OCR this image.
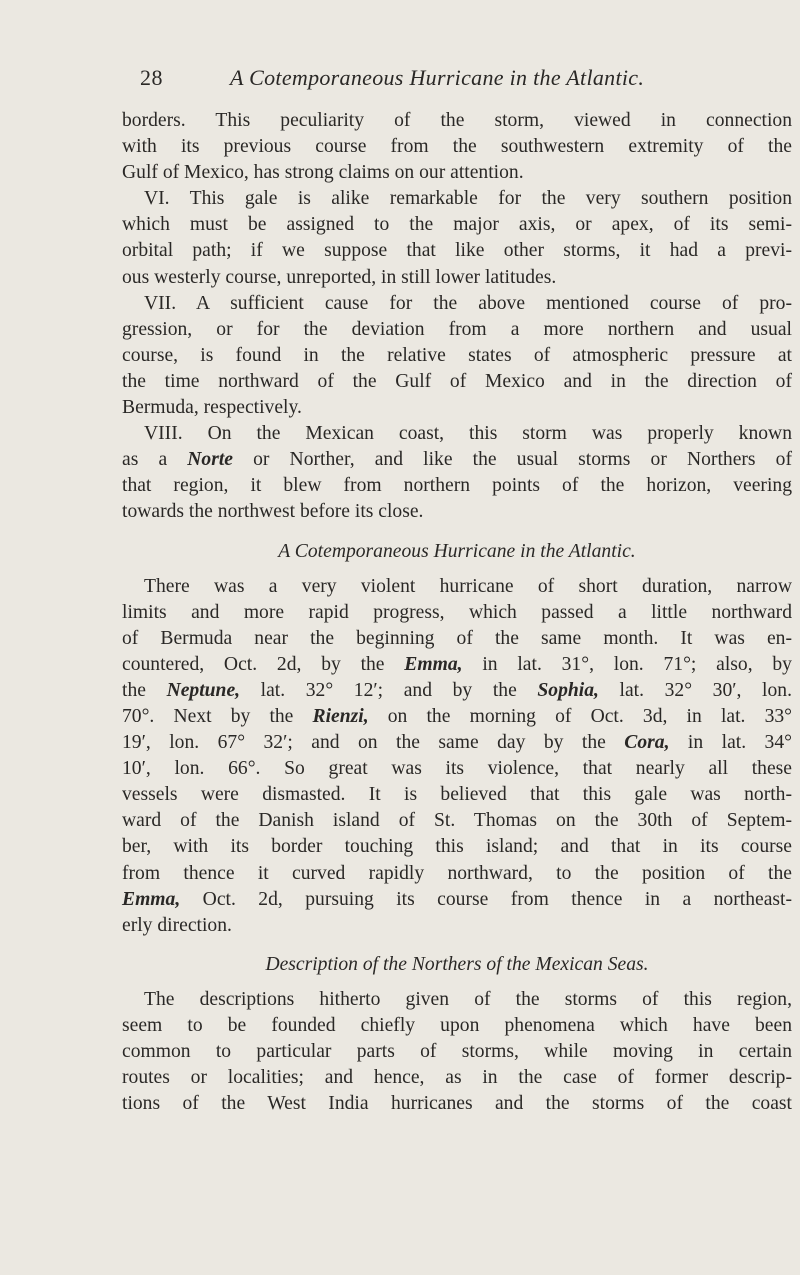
28	A Cotemporaneous Hurricane in the Atlantic.
borders. This peculiarity of the storm, viewed in connection
with its previous course from the southwestern extremity of the
Gulf of Mexico, has strong claims on our attention.
VI. This gale is alike remarkable for the very southern position
which must be assigned to the major axis, or apex, of its semi-
orbital path; if we suppose that like other storms, it had a previ-
ous westerly course, unreported, in still lower latitudes.
VII. A sufficient cause for the above mentioned course of pro-
gression, or for the deviation from a more northern and usual
course, is found in the relative states of atmospheric pressure at
the time northward of the Gulf of Mexico and in the direction of
Bermuda, respectively.
VIII. On the Mexican coast, this storm was properly known
as a Norte or Norther, and like the usual storms or Northers of
that region, it blew from northern points of the horizon, veering
towards the northwest before its close.
A Cotemporaneous Hurricane in the Atlantic.
There was a very violent hurricane of short duration, narrow
limits and more rapid progress, which passed a little northward
of Bermuda near the beginning of the same month. It was en-
countered, Oct. 2d, by the Emma, in lat. 31°, lon. 71°; also, by
the Neptune, lat. 32° 12′; and by the Sophia, lat. 32° 30′, lon.
70°. Next by the Rienzi, on the morning of Oct. 3d, in lat. 33°
19′, lon. 67° 32′; and on the same day by the Cora, in lat. 34°
10′, lon. 66°. So great was its violence, that nearly all these
vessels were dismasted. It is believed that this gale was north-
ward of the Danish island of St. Thomas on the 30th of Septem-
ber, with its border touching this island; and that in its course
from thence it curved rapidly northward, to the position of the
Emma, Oct. 2d, pursuing its course from thence in a northeast-
erly direction.
Description of the Northers of the Mexican Seas.
The descriptions hitherto given of the storms of this region,
seem to be founded chiefly upon phenomena which have been
common to particular parts of storms, while moving in certain
routes or localities; and hence, as in the case of former descrip-
tions of the West India hurricanes and the storms of the coast
